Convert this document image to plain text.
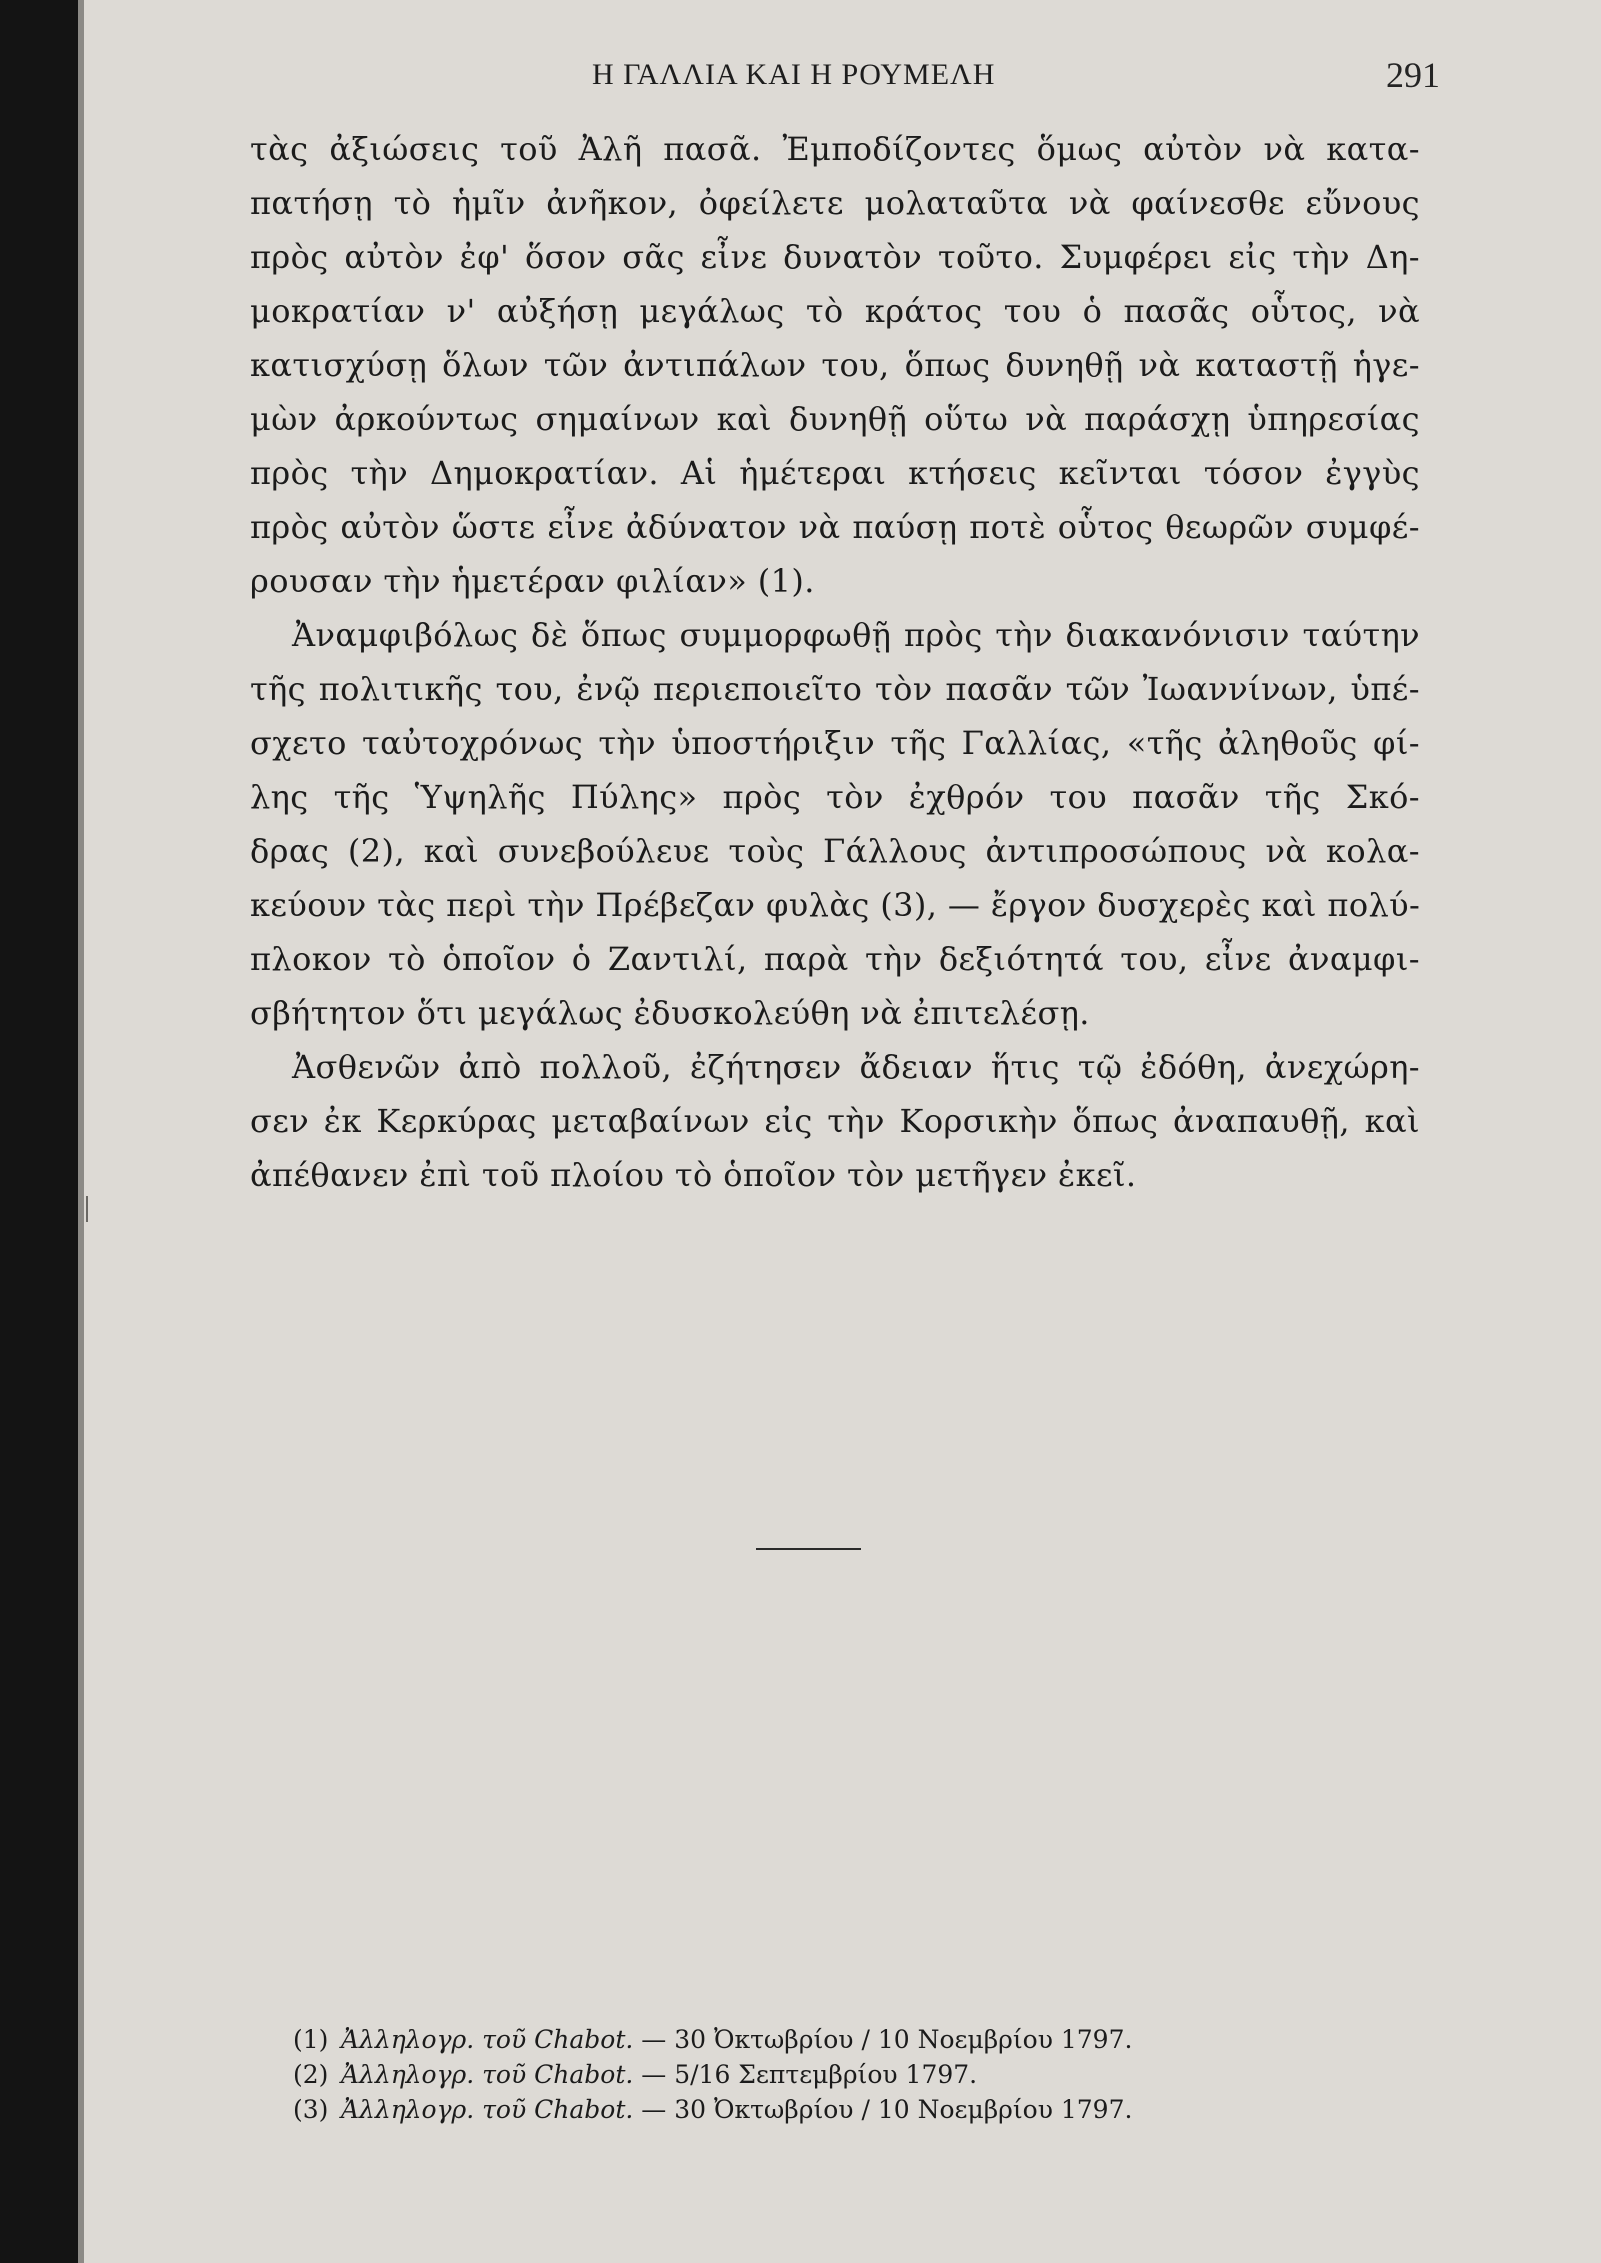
Η ΓΑΛΛΙΑ ΚΑΙ Η ΡΟΥΜΕΛΗ	291
τὰς ἀξιώσεις τοῦ Ἀλῆ πασᾶ. Ἐμποδίζοντες ὅμως αὐτὸν νὰ κατα-
πατήσῃ τὸ ἡμῖν ἀνῆκον, ὀφείλετε μολαταῦτα νὰ φαίνεσθε εὔνους
πρὸς αὐτὸν ἐφ' ὅσον σᾶς εἶνε δυνατὸν τοῦτο. Συμφέρει εἰς τὴν Δη-
μοκρατίαν ν' αὐξήσῃ μεγάλως τὸ κράτος του ὁ πασᾶς οὗτος, νὰ
κατισχύσῃ ὅλων τῶν ἀντιπάλων του, ὅπως δυνηθῇ νὰ καταστῇ ἡγε-
μὼν ἀρκούντως σημαίνων καὶ δυνηθῇ οὕτω νὰ παράσχῃ ὑπηρεσίας
πρὸς τὴν Δημοκρατίαν. Αἱ ἡμέτεραι κτήσεις κεῖνται τόσον ἐγγὺς
πρὸς αὐτὸν ὥστε εἶνε ἀδύνατον νὰ παύσῃ ποτὲ οὗτος θεωρῶν συμφέ-
ρουσαν τὴν ἡμετέραν φιλίαν» (1).
Ἀναμφιβόλως δὲ ὅπως συμμορφωθῇ πρὸς τὴν διακανόνισιν ταύτην
τῆς πολιτικῆς του, ἐνῷ περιεποιεῖτο τὸν πασᾶν τῶν Ἰωαννίνων, ὑπέ-
σχετο ταὐτοχρόνως τὴν ὑποστήριξιν τῆς Γαλλίας, «τῆς ἀληθοῦς φί-
λης τῆς Ὑψηλῆς Πύλης» πρὸς τὸν ἐχθρόν του πασᾶν τῆς Σκό-
δρας (2), καὶ συνεβούλευε τοὺς Γάλλους ἀντιπροσώπους νὰ κολα-
κεύουν τὰς περὶ τὴν Πρέβεζαν φυλὰς (3), — ἔργον δυσχερὲς καὶ πολύ-
πλοκον τὸ ὁποῖον ὁ Ζαντιλί, παρὰ τὴν δεξιότητά του, εἶνε ἀναμφι-
σβήτητον ὅτι μεγάλως ἐδυσκολεύθη νὰ ἐπιτελέσῃ.
Ἀσθενῶν ἀπὸ πολλοῦ, ἐζήτησεν ἄδειαν ἥτις τῷ ἐδόθη, ἀνεχώρη-
σεν ἐκ Κερκύρας μεταβαίνων εἰς τὴν Κορσικὴν ὅπως ἀναπαυθῇ, καὶ
ἀπέθανεν ἐπὶ τοῦ πλοίου τὸ ὁποῖον τὸν μετῆγεν ἐκεῖ.
(1) Ἀλληλογρ. τοῦ Chabot. — 30 Ὀκτωβρίου / 10 Νοεμβρίου 1797.
(2) Ἀλληλογρ. τοῦ Chabot. — 5/16 Σεπτεμβρίου 1797.
(3) Ἀλληλογρ. τοῦ Chabot. — 30 Ὀκτωβρίου / 10 Νοεμβρίου 1797.
